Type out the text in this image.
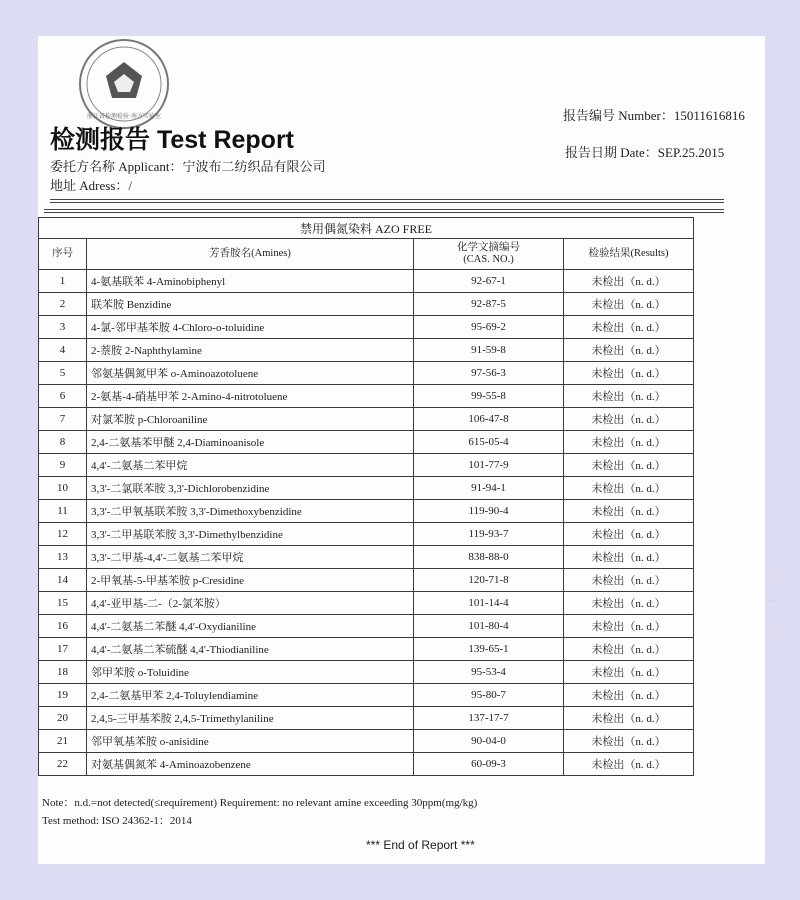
浙江省检测检验·南方实验室
检测报告 Test Report
委托方名称 Applicant：宁波布二纺织品有限公司
地址 Adress：/
报告编号 Number：15011616816
报告日期 Date：SEP.25.2015
禁用偶氮染料 AZO FREE			
序号	芳香胺名(Amines)	化学文摘编号
(CAS. NO.)	检验结果(Results)
1	4-氨基联苯 4-Aminobiphenyl	92-67-1	未检出（n. d.）
2	联苯胺 Benzidine	92-87-5	未检出（n. d.）
3	4-氯-邻甲基苯胺 4-Chloro-o-toluidine	95-69-2	未检出（n. d.）
4	2-萘胺 2-Naphthylamine	91-59-8	未检出（n. d.）
5	邻氨基偶氮甲苯 o-Aminoazotoluene	97-56-3	未检出（n. d.）
6	2-氨基-4-硝基甲苯 2-Amino-4-nitrotoluene	99-55-8	未检出（n. d.）
7	对氯苯胺 p-Chloroaniline	106-47-8	未检出（n. d.）
8	2,4-二氨基苯甲醚 2,4-Diaminoanisole	615-05-4	未检出（n. d.）
9	4,4'-二氨基二苯甲烷	101-77-9	未检出（n. d.）
10	3,3'-二氯联苯胺 3,3'-Dichlorobenzidine	91-94-1	未检出（n. d.）
11	3,3'-二甲氧基联苯胺 3,3'-Dimethoxybenzidine	119-90-4	未检出（n. d.）
12	3,3'-二甲基联苯胺 3,3'-Dimethylbenzidine	119-93-7	未检出（n. d.）
13	3,3'-二甲基-4,4'-二氨基二苯甲烷	838-88-0	未检出（n. d.）
14	2-甲氧基-5-甲基苯胺 p-Cresidine	120-71-8	未检出（n. d.）
15	4,4'-亚甲基-二-（2-氯苯胺）	101-14-4	未检出（n. d.）
16	4,4'-二氨基二苯醚 4,4'-Oxydianiline	101-80-4	未检出（n. d.）
17	4,4'-二氨基二苯硫醚 4,4'-Thiodianiline	139-65-1	未检出（n. d.）
18	邻甲苯胺 o-Toluidine	95-53-4	未检出（n. d.）
19	2,4-二氨基甲苯 2,4-Toluylendiamine	95-80-7	未检出（n. d.）
20	2,4,5-三甲基苯胺 2,4,5-Trimethylaniline	137-17-7	未检出（n. d.）
21	邻甲氧基苯胺 o-anisidine	90-04-0	未检出（n. d.）
22	对氨基偶氮苯 4-Aminoazobenzene	60-09-3	未检出（n. d.）
Note：n.d.=not detected(≤requirement) Requirement: no relevant amine exceeding 30ppm(mg/kg)
Test method: ISO 24362-1：2014
*** End of Report ***
